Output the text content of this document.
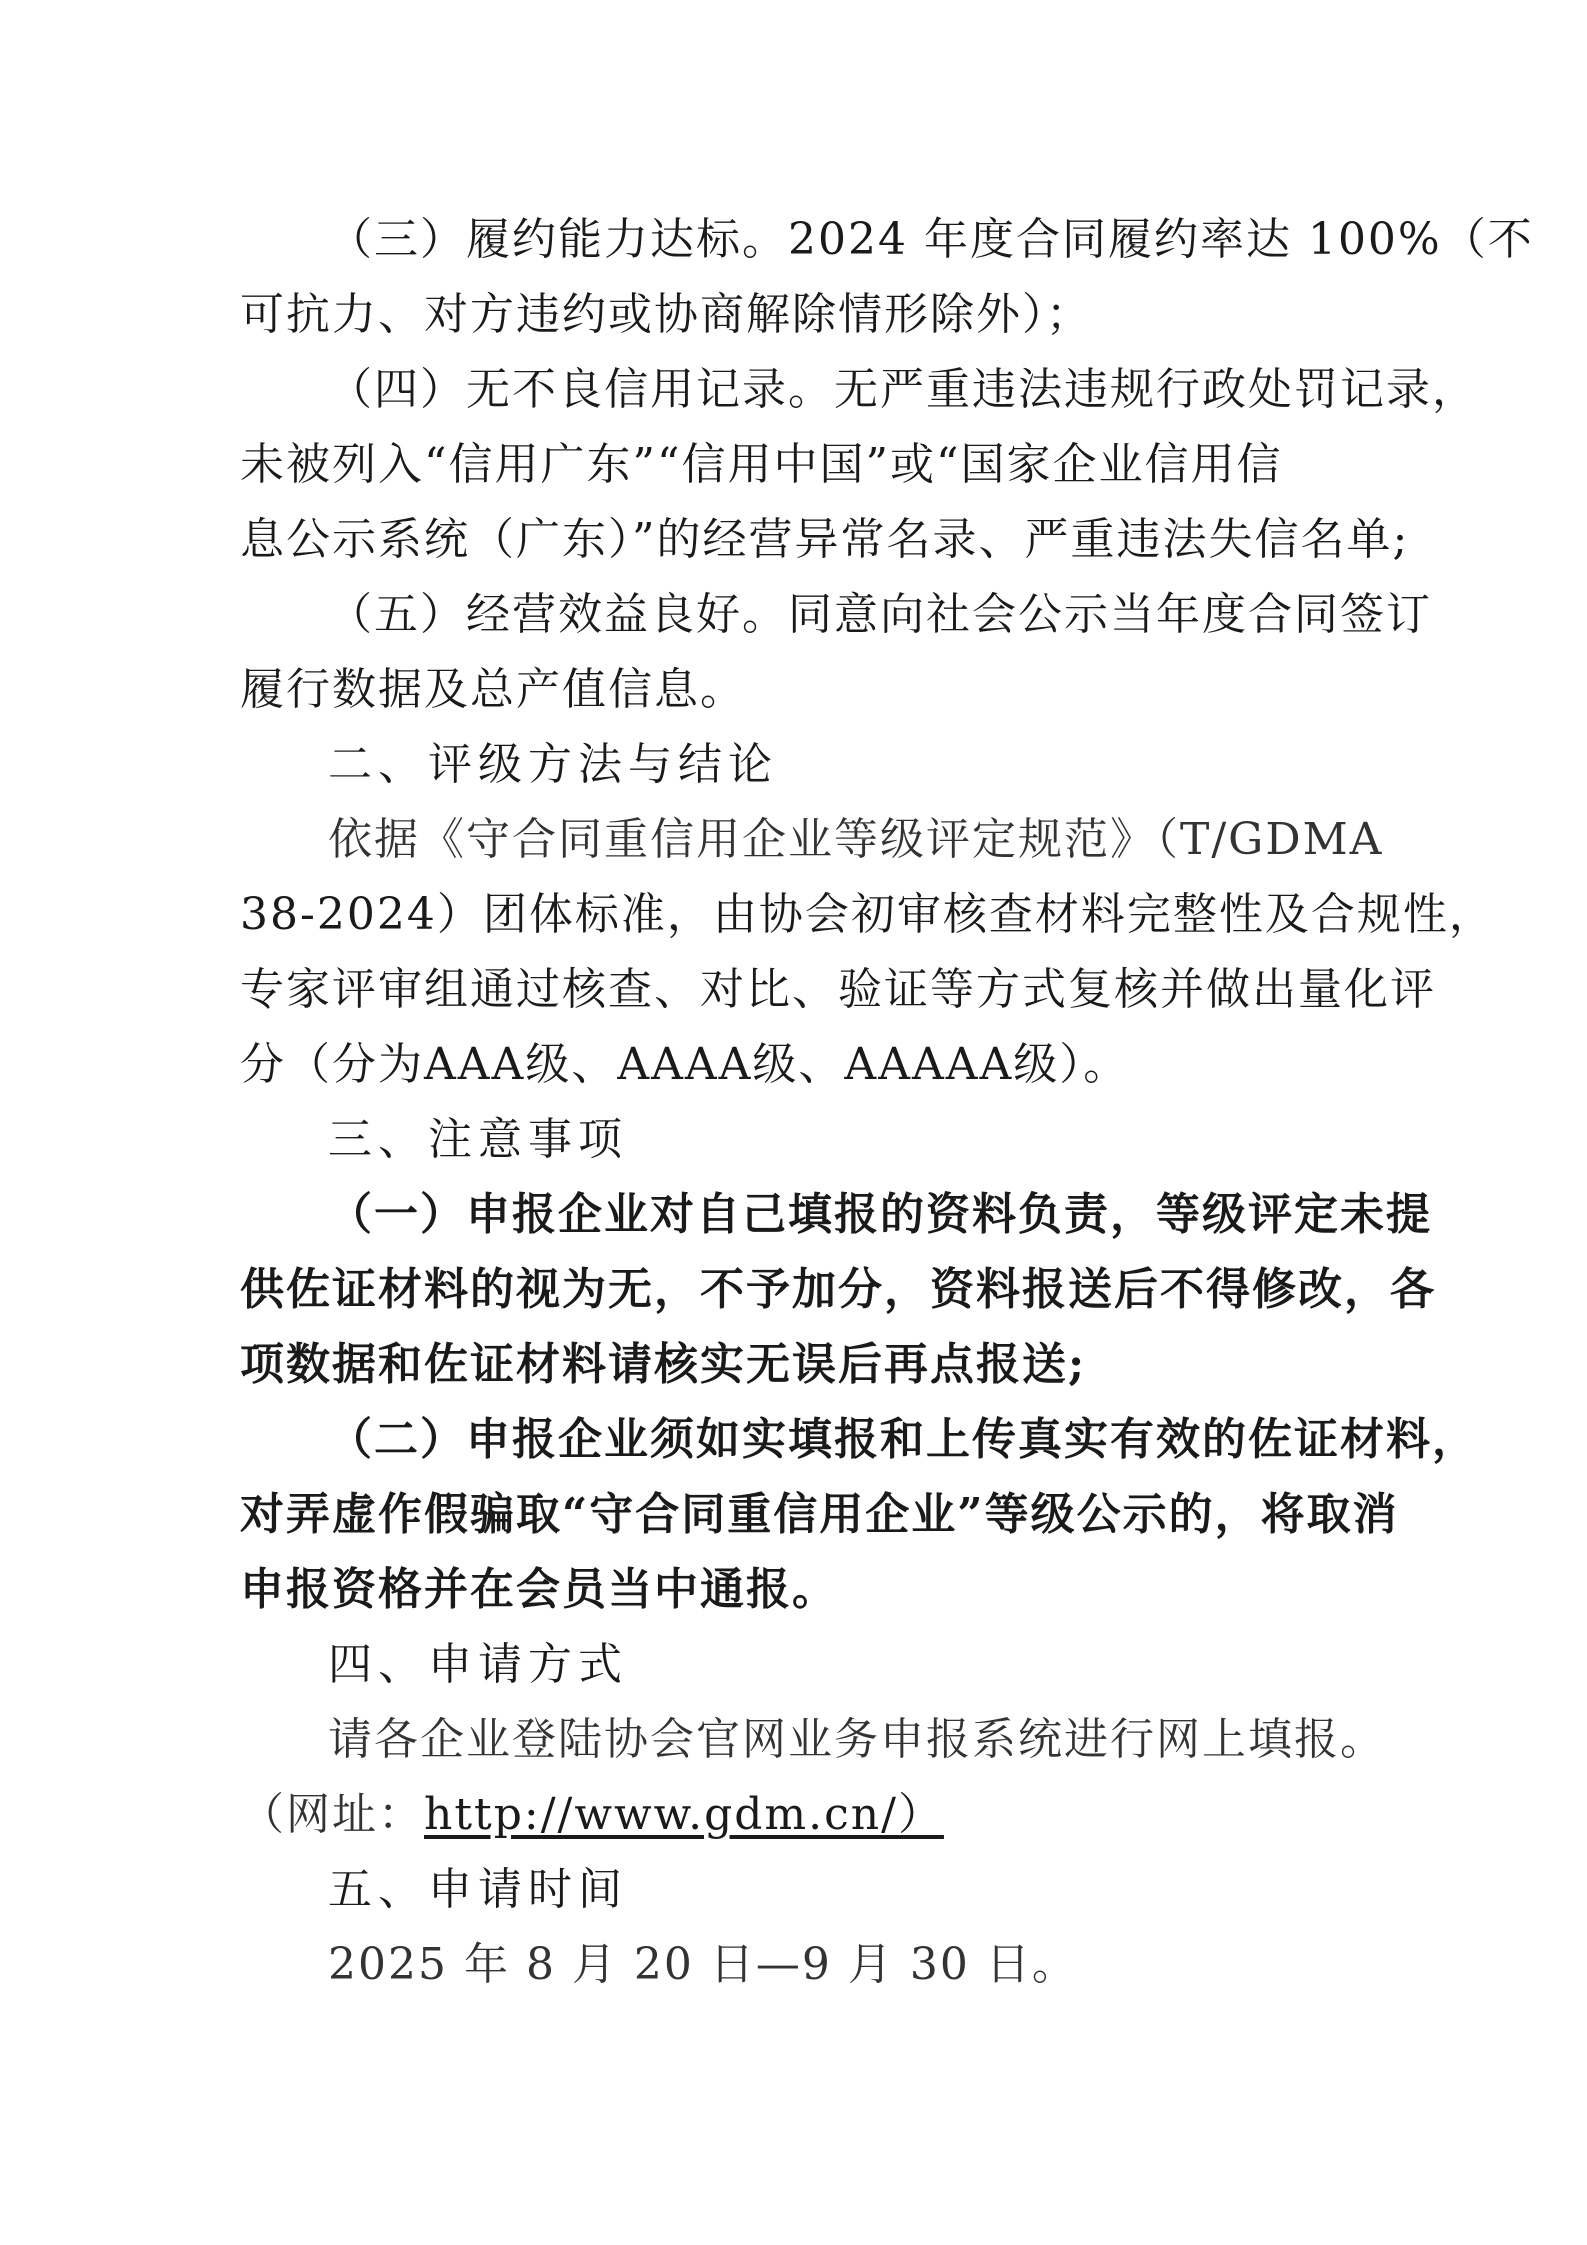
（三）履约能力达标。2024 年度合同履约率达 100%（不
可抗力、对方违约或协商解除情形除外）；
（四）无不良信用记录。无严重违法违规行政处罚记录，
未被列入“信用广东”“信用中国”或“国家企业信用信
息公示系统（广东）”的经营异常名录、严重违法失信名单;
（五）经营效益良好。同意向社会公示当年度合同签订
履行数据及总产值信息。
二、评级方法与结论
依据《守合同重信用企业等级评定规范》（T/GDMA
38-2024）团体标准，由协会初审核查材料完整性及合规性，
专家评审组通过核查、对比、验证等方式复核并做出量化评
分（分为AAA级、AAAA级、AAAAA级）。
三、注意事项
（一）申报企业对自己填报的资料负责，等级评定未提
供佐证材料的视为无，不予加分，资料报送后不得修改，各
项数据和佐证材料请核实无误后再点报送;
（二）申报企业须如实填报和上传真实有效的佐证材料，
对弄虚作假骗取“守合同重信用企业”等级公示的，将取消
申报资格并在会员当中通报。
四、申请方式
请各企业登陆协会官网业务申报系统进行网上填报。
（网址：http://www.gdm.cn/）
五、申请时间
2025 年 8 月 20 日—9 月 30 日。
